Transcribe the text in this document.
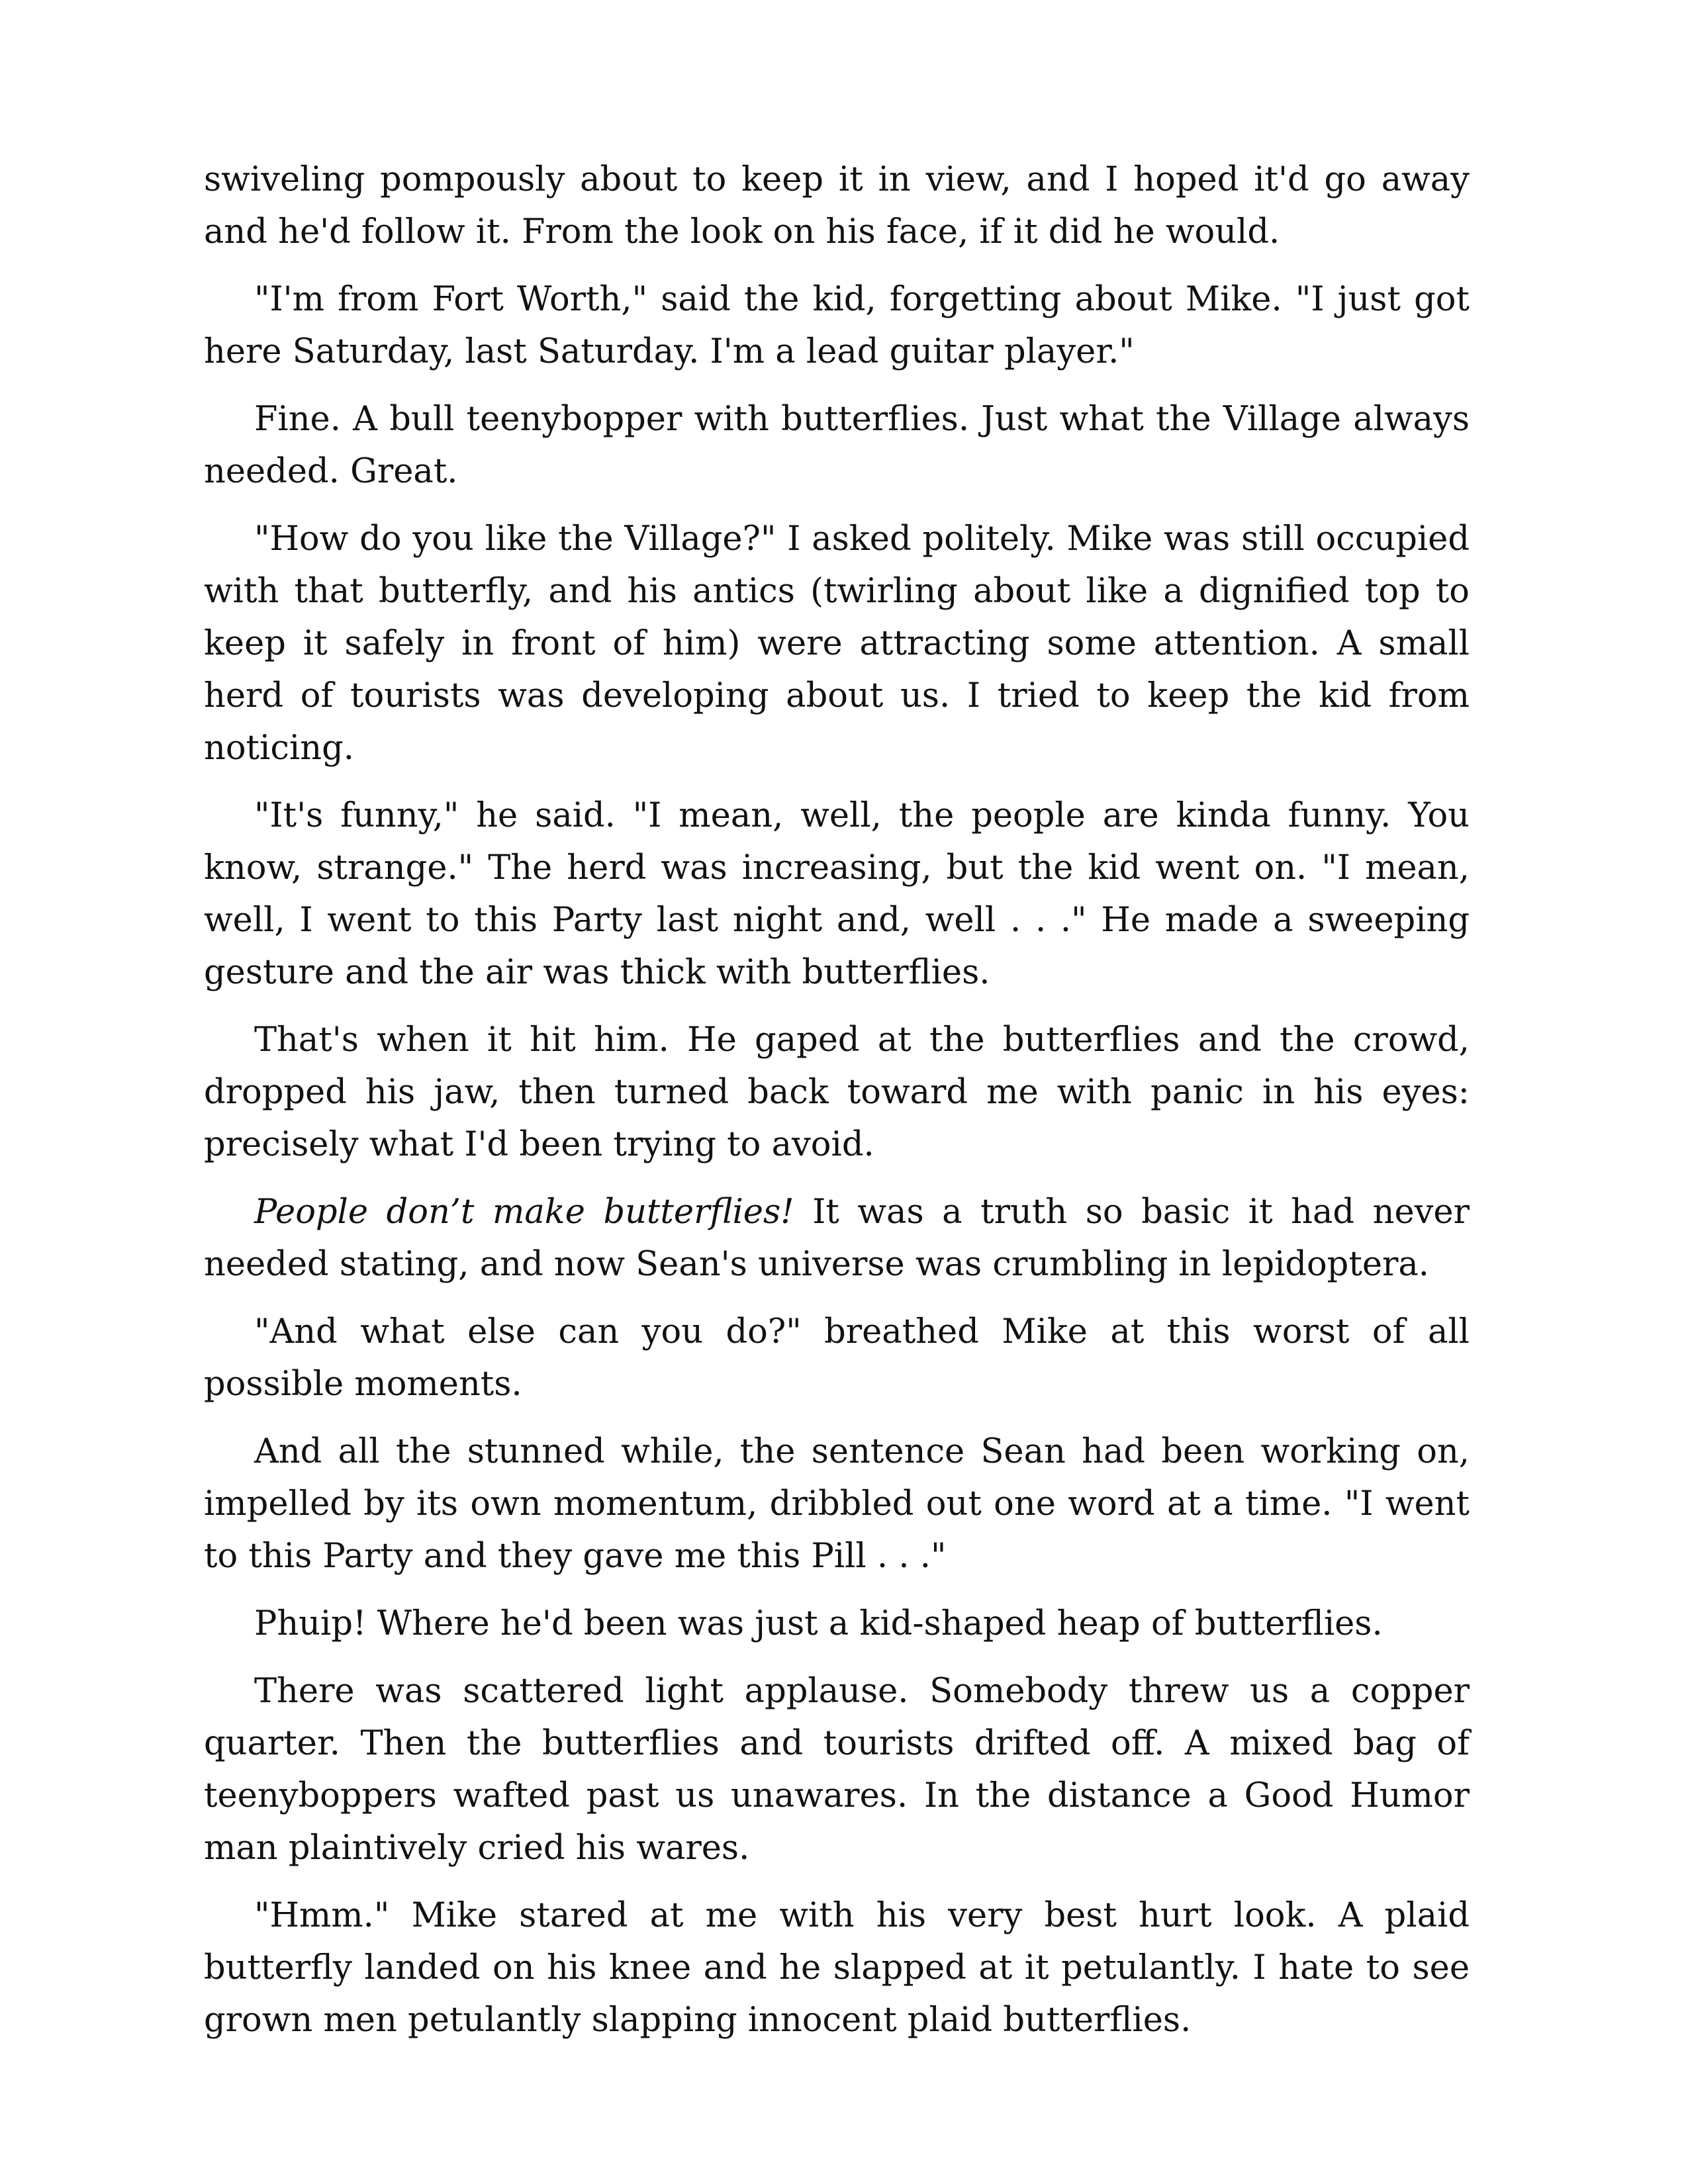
swiveling pompously about to keep it in view, and I hoped it'd go away and he'd follow it. From the look on his face, if it did he would.

"I'm from Fort Worth," said the kid, forgetting about Mike. "I just got here Saturday, last Saturday. I'm a lead guitar player."

Fine. A bull teenybopper with butterflies. Just what the Village always needed. Great.

"How do you like the Village?" I asked politely. Mike was still occupied with that butterfly, and his antics (twirling about like a dignified top to keep it safely in front of him) were attracting some attention. A small herd of tourists was developing about us. I tried to keep the kid from noticing.

"It's funny," he said. "I mean, well, the people are kinda funny. You know, strange." The herd was increasing, but the kid went on. "I mean, well, I went to this Party last night and, well . . ." He made a sweeping gesture and the air was thick with butterflies.

That's when it hit him. He gaped at the butterflies and the crowd, dropped his jaw, then turned back toward me with panic in his eyes: precisely what I'd been trying to avoid.

People don’t make butterflies! It was a truth so basic it had never needed stating, and now Sean's universe was crumbling in lepidoptera.

"And what else can you do?" breathed Mike at this worst of all possible moments.

And all the stunned while, the sentence Sean had been working on, impelled by its own momentum, dribbled out one word at a time. "I went to this Party and they gave me this Pill . . ."

Phuip! Where he'd been was just a kid-shaped heap of butterflies.

There was scattered light applause. Somebody threw us a copper quarter. Then the butterflies and tourists drifted off. A mixed bag of teenyboppers wafted past us unawares. In the distance a Good Humor man plaintively cried his wares.

"Hmm." Mike stared at me with his very best hurt look. A plaid butterfly landed on his knee and he slapped at it petulantly. I hate to see grown men petulantly slapping innocent plaid butterflies.
